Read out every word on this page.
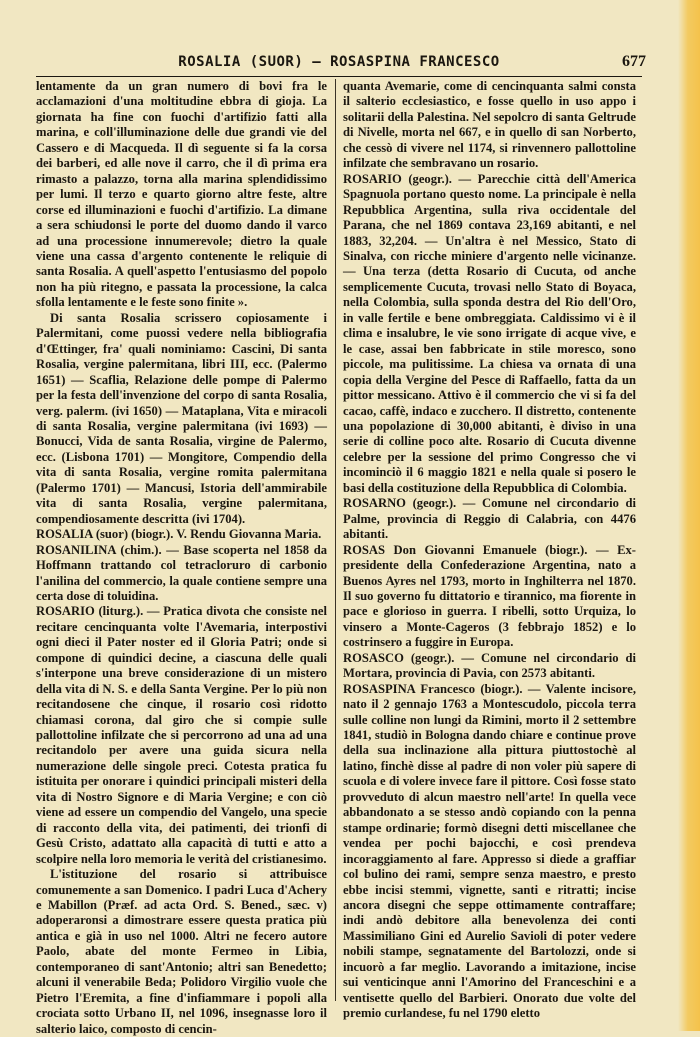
ROSALIA (SUOR) — ROSASPINA FRANCESCO	677

lentamente da un gran numero di bovi fra le acclamazioni d'una moltitudine ebbra di gioja. La giornata ha fine con fuochi d'artifizio fatti alla marina, e coll'illuminazione delle due grandi vie del Cassero e di Macqueda. Il dì seguente si fa la corsa dei barberi, ed alle nove il carro, che il dì prima era rimasto a palazzo, torna alla marina splendidissimo per lumi. Il terzo e quarto giorno altre feste, altre corse ed illuminazioni e fuochi d'artifizio. La dimane a sera schiudonsi le porte del duomo dando il varco ad una processione innumerevole; dietro la quale viene una cassa d'argento contenente le reliquie di santa Rosalia. A quell'aspetto l'entusiasmo del popolo non ha più ritegno, e passata la processione, la calca sfolla lentamente e le feste sono finite ».

Di santa Rosalia scrissero copiosamente i Palermitani, come puossi vedere nella bibliografia d'Œttinger, fra' quali nominiamo: Cascini, Di santa Rosalia, vergine palermitana, libri III, ecc. (Palermo 1651) — Scaflia, Relazione delle pompe di Palermo per la festa dell'invenzione del corpo di santa Rosalia, verg. palerm. (ivi 1650) — Mataplana, Vita e miracoli di santa Rosalia, vergine palermitana (ivi 1693) — Bonucci, Vida de santa Rosalia, virgine de Palermo, ecc. (Lisbona 1701) — Mongitore, Compendio della vita di santa Rosalia, vergine romita palermitana (Palermo 1701) — Mancusi, Istoria dell'ammirabile vita di santa Rosalia, vergine palermitana, compendiosamente descritta (ivi 1704).

ROSALIA (suor) (biogr.). V. Rendu Giovanna Maria.

ROSANILINA (chim.). — Base scoperta nel 1858 da Hoffmann trattando col tetracloruro di carbonio l'anilina del commercio, la quale contiene sempre una certa dose di toluidina.

ROSARIO (liturg.). — Pratica divota che consiste nel recitare cencinquanta volte l'Avemaria, interpostivi ogni dieci il Pater noster ed il Gloria Patri; onde si compone di quindici decine, a ciascuna delle quali s'interpone una breve considerazione di un mistero della vita di N. S. e della Santa Vergine. Per lo più non recitandosene che cinque, il rosario così ridotto chiamasi corona, dal giro che si compie sulle pallottoline infilzate che si percorrono ad una ad una recitandolo per avere una guida sicura nella numerazione delle singole preci. Cotesta pratica fu istituita per onorare i quindici principali misteri della vita di Nostro Signore e di Maria Vergine; e con ciò viene ad essere un compendio del Vangelo, una specie di racconto della vita, dei patimenti, dei trionfi di Gesù Cristo, adattato alla capacità di tutti e atto a scolpire nella loro memoria le verità del cristianesimo.

L'istituzione del rosario si attribuisce comunemente a san Domenico. I padri Luca d'Achery e Mabillon (Præf. ad acta Ord. S. Bened., sæc. v) adoperaronsi a dimostrare essere questa pratica più antica e già in uso nel 1000. Altri ne fecero autore Paolo, abate del monte Fermeo in Libia, contemporaneo di sant'Antonio; altri san Benedetto; alcuni il venerabile Beda; Polidoro Virgilio vuole che Pietro l'Eremita, a fine d'infiammare i popoli alla crociata sotto Urbano II, nel 1096, insegnasse loro il salterio laico, composto di cencin-

quanta Avemarie, come di cencinquanta salmi consta il salterio ecclesiastico, e fosse quello in uso appo i solitarii della Palestina. Nel sepolcro di santa Geltrude di Nivelle, morta nel 667, e in quello di san Norberto, che cessò di vivere nel 1174, si rinvennero pallottoline infilzate che sembravano un rosario.

ROSARIO (geogr.). — Parecchie città dell'America Spagnuola portano questo nome. La principale è nella Repubblica Argentina, sulla riva occidentale del Parana, che nel 1869 contava 23,169 abitanti, e nel 1883, 32,204. — Un'altra è nel Messico, Stato di Sinalva, con ricche miniere d'argento nelle vicinanze. — Una terza (detta Rosario di Cucuta, od anche semplicemente Cucuta, trovasi nello Stato di Boyaca, nella Colombia, sulla sponda destra del Rio dell'Oro, in valle fertile e bene ombreggiata. Caldissimo vi è il clima e insalubre, le vie sono irrigate di acque vive, e le case, assai ben fabbricate in stile moresco, sono piccole, ma pulitissime. La chiesa va ornata di una copia della Vergine del Pesce di Raffaello, fatta da un pittor messicano. Attivo è il commercio che vi si fa del cacao, caffè, indaco e zucchero. Il distretto, contenente una popolazione di 30,000 abitanti, è diviso in una serie di colline poco alte. Rosario di Cucuta divenne celebre per la sessione del primo Congresso che vi incominciò il 6 maggio 1821 e nella quale si posero le basi della costituzione della Repubblica di Colombia.

ROSARNO (geogr.). — Comune nel circondario di Palme, provincia di Reggio di Calabria, con 4476 abitanti.

ROSAS Don Giovanni Emanuele (biogr.). — Ex-presidente della Confederazione Argentina, nato a Buenos Ayres nel 1793, morto in Inghilterra nel 1870. Il suo governo fu dittatorio e tirannico, ma fiorente in pace e glorioso in guerra. I ribelli, sotto Urquiza, lo vinsero a Monte-Cageros (3 febbrajo 1852) e lo costrinsero a fuggire in Europa.

ROSASCO (geogr.). — Comune nel circondario di Mortara, provincia di Pavia, con 2573 abitanti.

ROSASPINA Francesco (biogr.). — Valente incisore, nato il 2 gennajo 1763 a Montescudolo, piccola terra sulle colline non lungi da Rimini, morto il 2 settembre 1841, studiò in Bologna dando chiare e continue prove della sua inclinazione alla pittura piuttostochè al latino, finchè disse al padre di non voler più sapere di scuola e di volere invece fare il pittore. Così fosse stato provveduto di alcun maestro nell'arte! In quella vece abbandonato a se stesso andò copiando con la penna stampe ordinarie; formò disegni detti miscellanee che vendea per pochi bajocchi, e così prendeva incoraggiamento al fare. Appresso si diede a graffiar col bulino dei rami, sempre senza maestro, e presto ebbe incisi stemmi, vignette, santi e ritratti; incise ancora disegni che seppe ottimamente contraffare; indi andò debitore alla benevolenza dei conti Massimiliano Gini ed Aurelio Savioli di poter vedere nobili stampe, segnatamente del Bartolozzi, onde si incuorò a far meglio. Lavorando a imitazione, incise sui venticinque anni l'Amorino del Franceschini e a ventisette quello del Barbieri. Onorato due volte del premio curlandese, fu nel 1790 eletto
